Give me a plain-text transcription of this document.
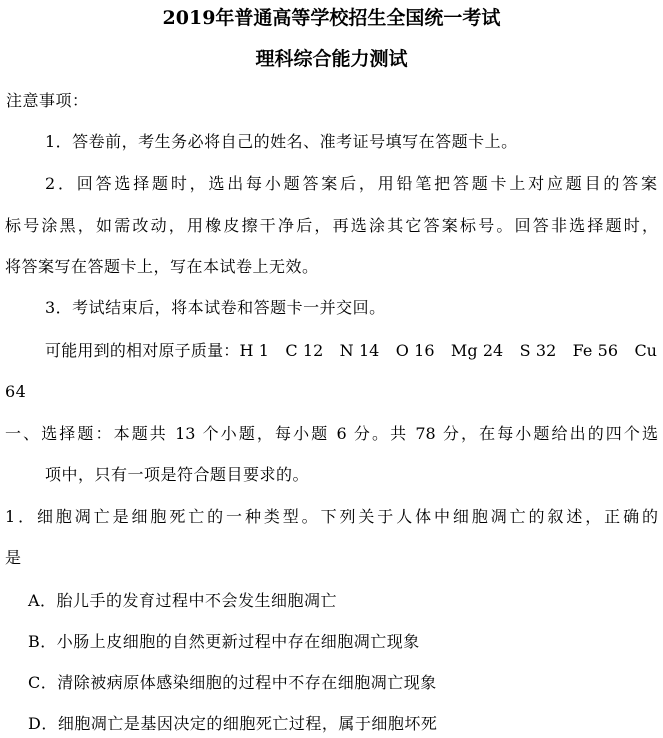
2019年普通高等学校招生全国统一考试
理科综合能力测试
注意事项：
1．答卷前，考生务必将自己的姓名、准考证号填写在答题卡上。
2．回答选择题时，选出每小题答案后，用铅笔把答题卡上对应题目的答案
标号涂黑，如需改动，用橡皮擦干净后，再选涂其它答案标号。回答非选择题时，
将答案写在答题卡上，写在本试卷上无效。
3．考试结束后，将本试卷和答题卡一并交回。
可能用到的相对原子质量：H 1　C 12　N 14　O 16　Mg 24　S 32　Fe 56　Cu
64
一、选择题：本题共 13 个小题，每小题 6 分。共 78 分，在每小题给出的四个选
项中，只有一项是符合题目要求的。
1．细胞凋亡是细胞死亡的一种类型。下列关于人体中细胞凋亡的叙述，正确的
是
A．胎儿手的发育过程中不会发生细胞凋亡
B．小肠上皮细胞的自然更新过程中存在细胞凋亡现象
C．清除被病原体感染细胞的过程中不存在细胞凋亡现象
D．细胞凋亡是基因决定的细胞死亡过程，属于细胞坏死
